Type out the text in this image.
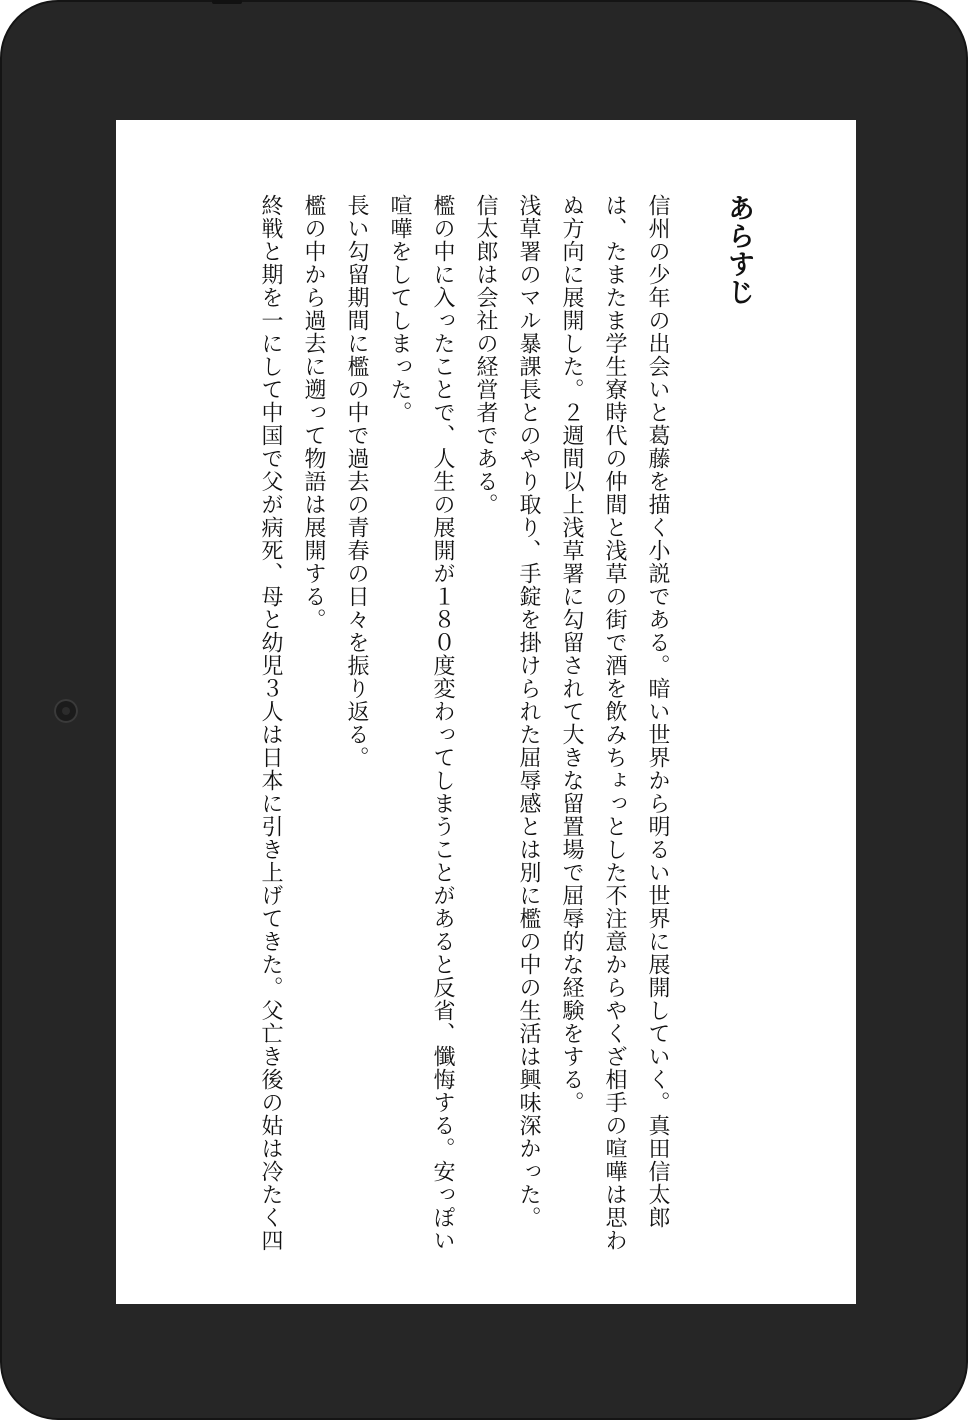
あらすじ

信州の少年の出会いと葛藤を描く小説である。暗い世界から明るい世界に展開していく。真田信太郎は、たまたま学生寮時代の仲間と浅草の街で酒を飲みちょっとした不注意からやくざ相手の喧嘩は思わぬ方向に展開した。２週間以上浅草署に勾留されて大きな留置場で屈辱的な経験をする。

浅草署のマル暴課長とのやり取り、手錠を掛けられた屈辱感とは別に檻の中の生活は興味深かった。

信太郎は会社の経営者である。

檻の中に入ったことで、人生の展開が１８０度変わってしまうことがあると反省、懺悔する。安っぽい喧嘩をしてしまった。

長い勾留期間に檻の中で過去の青春の日々を振り返る。

檻の中から過去に遡って物語は展開する。

終戦と期を一にして中国で父が病死、母と幼児３人は日本に引き上げてきた。父亡き後の姑は冷たく四
